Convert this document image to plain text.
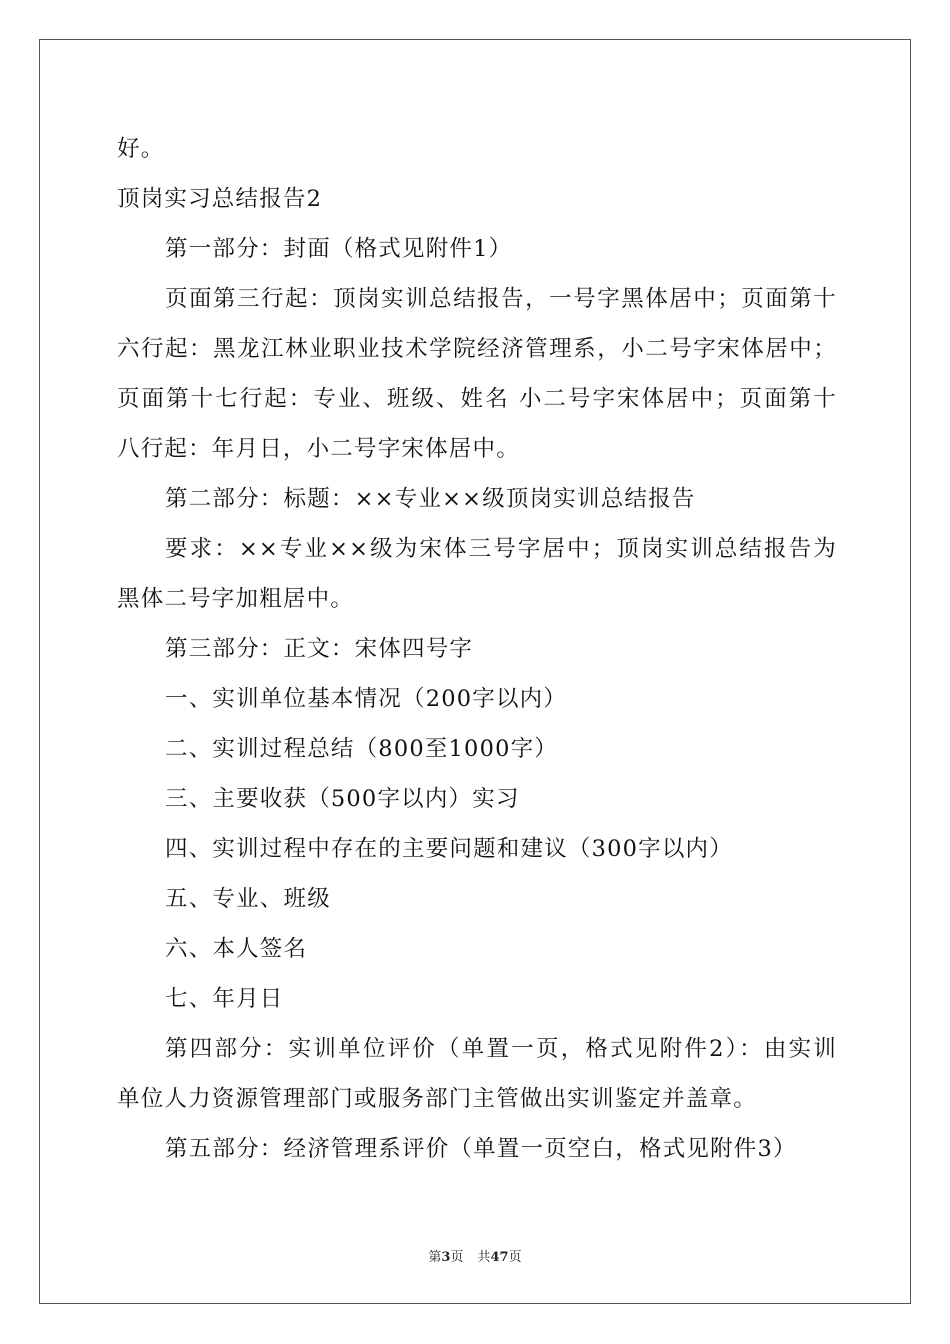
好。
顶岗实习总结报告2
第一部分：封面（格式见附件1）
页面第三行起：顶岗实训总结报告，一号字黑体居中；页面第十
六行起：黑龙江林业职业技术学院经济管理系，小二号字宋体居中；
页面第十七行起：专业、班级、姓名 小二号字宋体居中；页面第十
八行起：年月日，小二号字宋体居中。
第二部分：标题：××专业××级顶岗实训总结报告
要求：××专业××级为宋体三号字居中；顶岗实训总结报告为
黑体二号字加粗居中。
第三部分：正文：宋体四号字
一、实训单位基本情况（200字以内）
二、实训过程总结（800至1000字）
三、主要收获（500字以内）实习
四、实训过程中存在的主要问题和建议（300字以内）
五、专业、班级
六、本人签名
七、年月日
第四部分：实训单位评价（单置一页，格式见附件2）：由实训
单位人力资源管理部门或服务部门主管做出实训鉴定并盖章。
第五部分：经济管理系评价（单置一页空白，格式见附件3）
第3页 共47页
